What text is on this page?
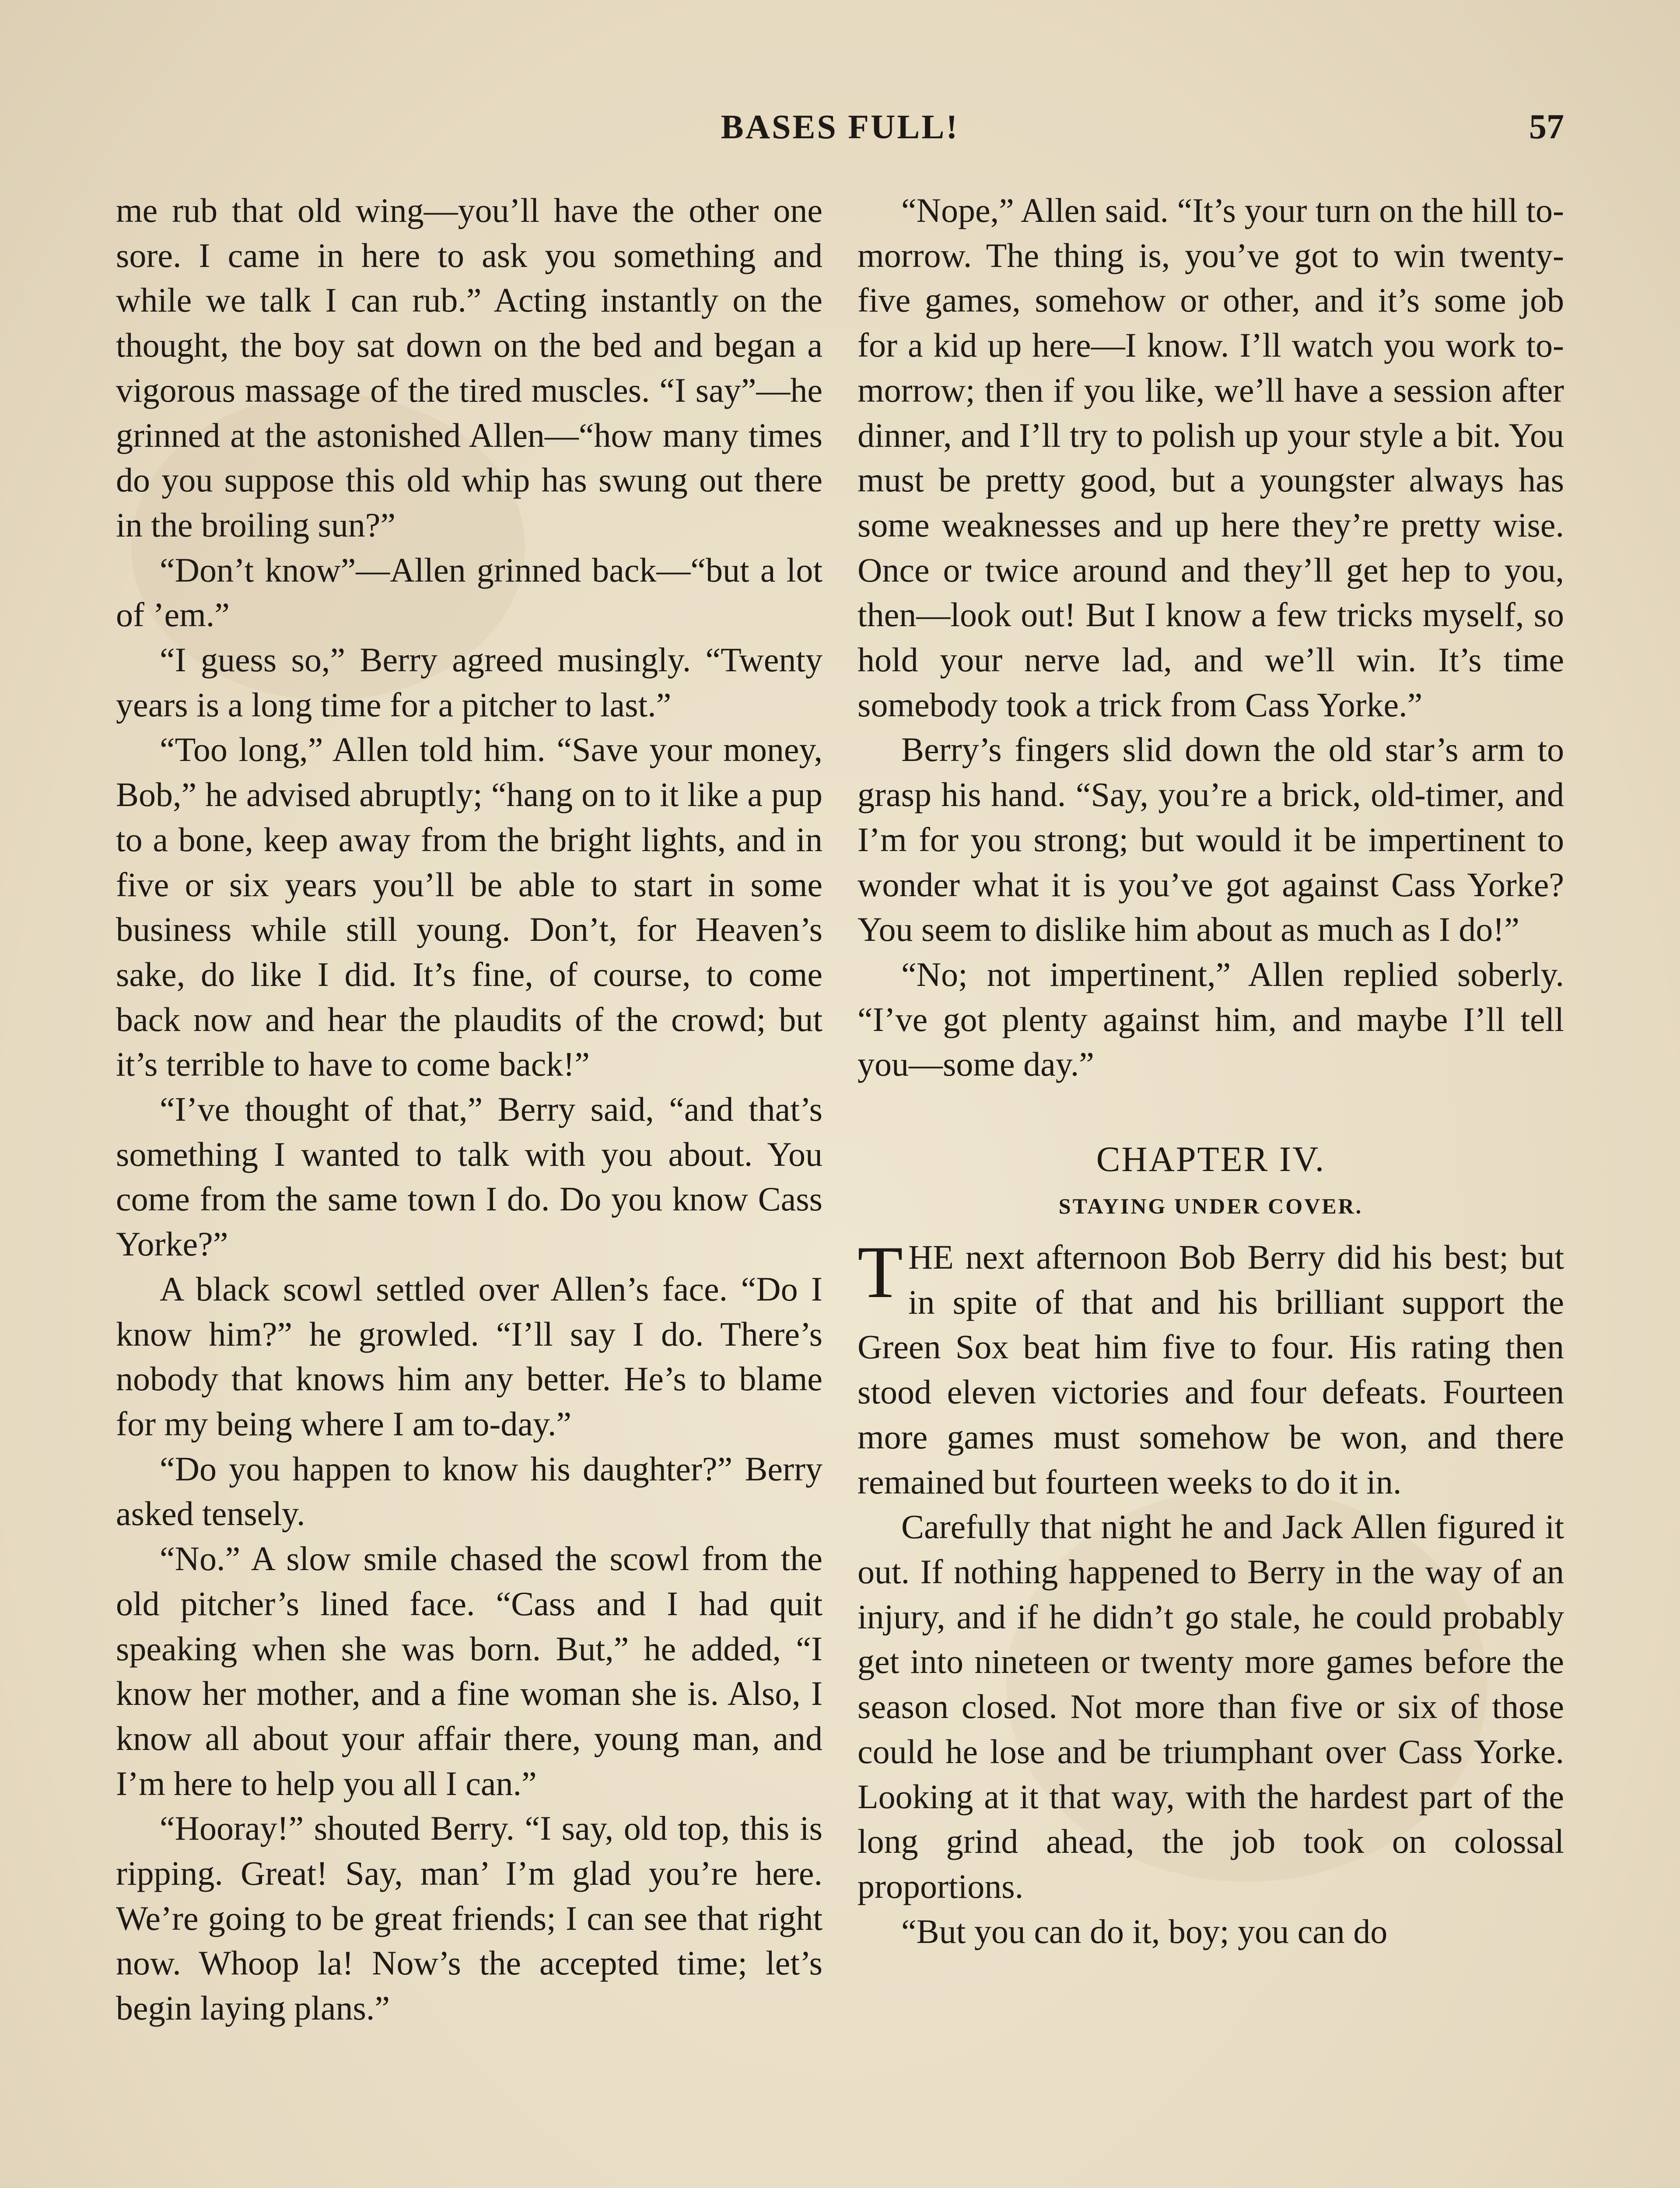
BASES FULL!	57

me rub that old wing—you’ll have the other one sore. I came in here to ask you something and while we talk I can rub.” Acting instantly on the thought, the boy sat down on the bed and began a vigorous massage of the tired muscles. “I say”—he grinned at the astonished Allen—“how many times do you suppose this old whip has swung out there in the broiling sun?”

“Don’t know”—Allen grinned back—“but a lot of ’em.”

“I guess so,” Berry agreed musingly. “Twenty years is a long time for a pitcher to last.”

“Too long,” Allen told him. “Save your money, Bob,” he advised abruptly; “hang on to it like a pup to a bone, keep away from the bright lights, and in five or six years you’ll be able to start in some business while still young. Don’t, for Heaven’s sake, do like I did. It’s fine, of course, to come back now and hear the plaudits of the crowd; but it’s terrible to have to come back!”

“I’ve thought of that,” Berry said, “and that’s something I wanted to talk with you about. You come from the same town I do. Do you know Cass Yorke?”

A black scowl settled over Allen’s face. “Do I know him?” he growled. “I’ll say I do. There’s nobody that knows him any better. He’s to blame for my being where I am to-day.”

“Do you happen to know his daughter?” Berry asked tensely.

“No.” A slow smile chased the scowl from the old pitcher’s lined face. “Cass and I had quit speaking when she was born. But,” he added, “I know her mother, and a fine woman she is. Also, I know all about your affair there, young man, and I’m here to help you all I can.”

“Hooray!” shouted Berry. “I say, old top, this is ripping. Great! Say, man’ I’m glad you’re here. We’re going to be great friends; I can see that right now. Whoop la! Now’s the accepted time; let’s begin laying plans.”

“Nope,” Allen said. “It’s your turn on the hill to-morrow. The thing is, you’ve got to win twenty-five games, somehow or other, and it’s some job for a kid up here—I know. I’ll watch you work to-morrow; then if you like, we’ll have a session after dinner, and I’ll try to polish up your style a bit. You must be pretty good, but a youngster always has some weaknesses and up here they’re pretty wise. Once or twice around and they’ll get hep to you, then—look out! But I know a few tricks myself, so hold your nerve lad, and we’ll win. It’s time somebody took a trick from Cass Yorke.”

Berry’s fingers slid down the old star’s arm to grasp his hand. “Say, you’re a brick, old-timer, and I’m for you strong; but would it be impertinent to wonder what it is you’ve got against Cass Yorke? You seem to dislike him about as much as I do!”

“No; not impertinent,” Allen replied soberly. “I’ve got plenty against him, and maybe I’ll tell you—some day.”

CHAPTER IV.
STAYING UNDER COVER.

THE next afternoon Bob Berry did his best; but in spite of that and his brilliant support the Green Sox beat him five to four. His rating then stood eleven victories and four defeats. Fourteen more games must somehow be won, and there remained but fourteen weeks to do it in.

Carefully that night he and Jack Allen figured it out. If nothing happened to Berry in the way of an injury, and if he didn’t go stale, he could probably get into nineteen or twenty more games before the season closed. Not more than five or six of those could he lose and be triumphant over Cass Yorke. Looking at it that way, with the hardest part of the long grind ahead, the job took on colossal proportions.

“But you can do it, boy; you can do
